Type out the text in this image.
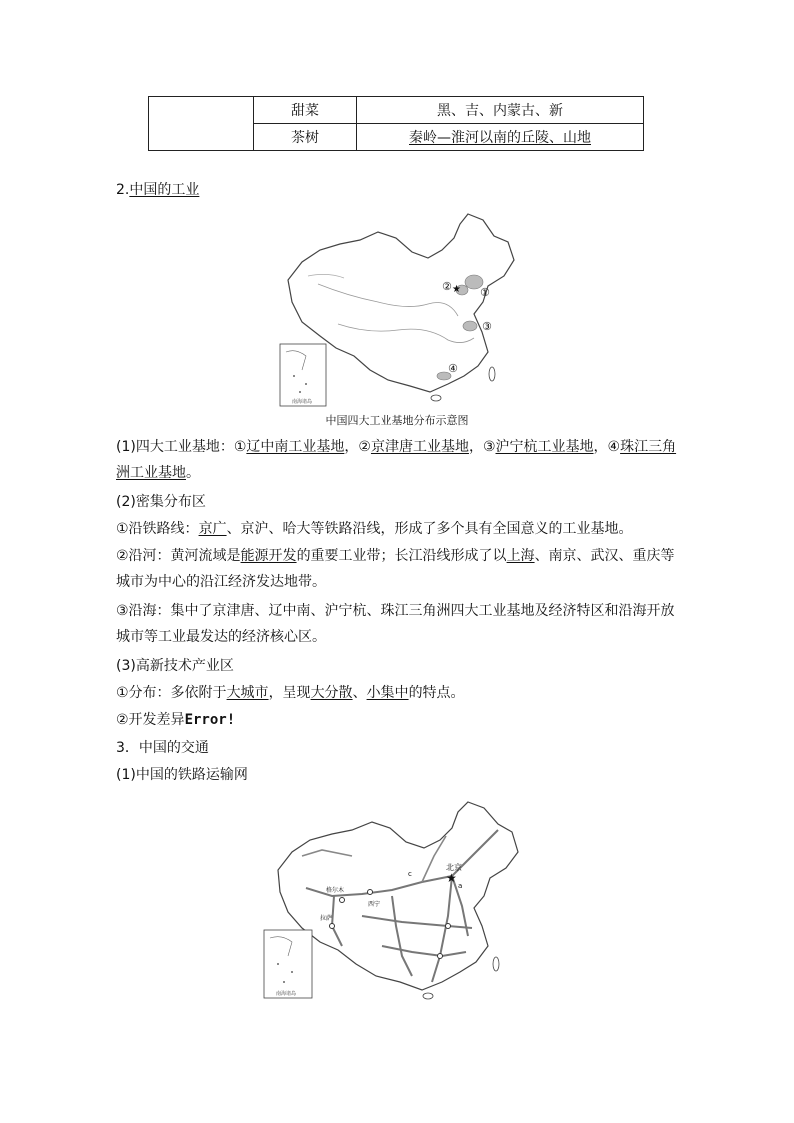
	甜菜	黑、吉、内蒙古、新
	茶树	秦岭—淮河以南的丘陵、山地
2.中国的工业
★ ①
②
③
④
南海诸岛
中国四大工业基地分布示意图
(1)四大工业基地：①辽中南工业基地，②京津唐工业基地，③沪宁杭工业基地，④珠江三角
洲工业基地。
(2)密集分布区
①沿铁路线：京广、京沪、哈大等铁路沿线，形成了多个具有全国意义的工业基地。
②沿河：黄河流域是能源开发的重要工业带；长江沿线形成了以上海、南京、武汉、重庆等
城市为中心的沿江经济发达地带。
③沿海：集中了京津唐、辽中南、沪宁杭、珠江三角洲四大工业基地及经济特区和沿海开放
城市等工业最发达的经济核心区。
(3)高新技术产业区
①分布：多依附于大城市，呈现大分散、小集中的特点。
②开发差异Error!
3．中国的交通
(1)中国的铁路运输网
★
北京
格尔木
西宁
拉萨
c
a
南海诸岛
